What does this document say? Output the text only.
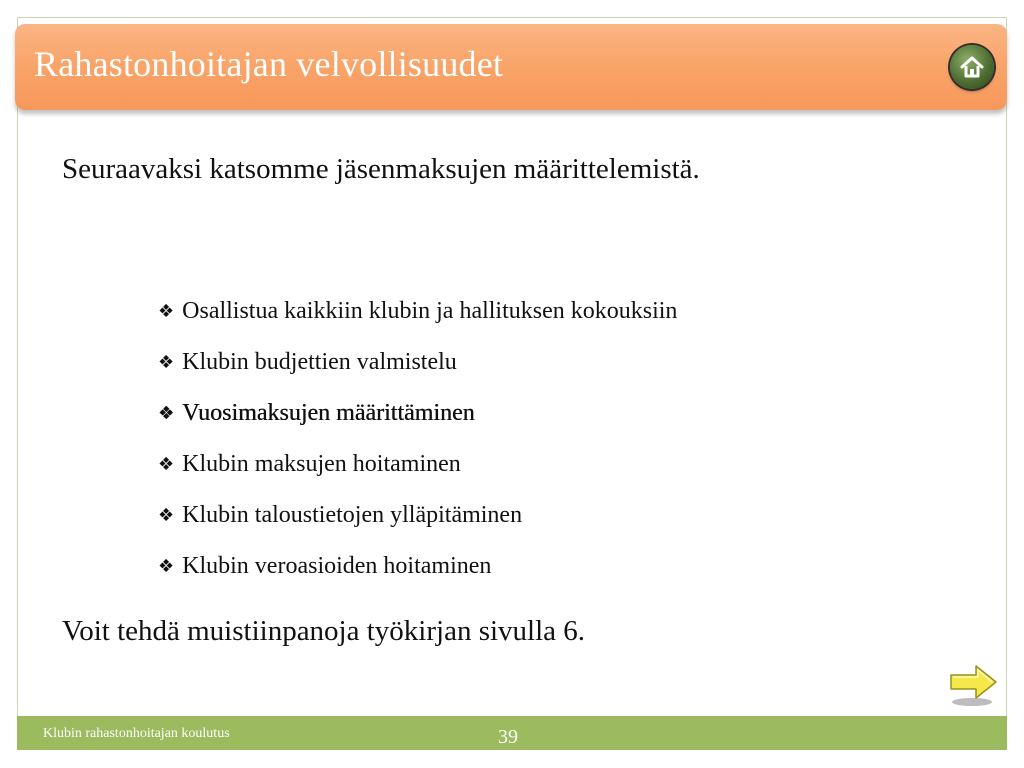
Rahastonhoitajan velvollisuudet
Seuraavaksi katsomme jäsenmaksujen määrittelemistä.
❖ Osallistua kaikkiin klubin ja hallituksen kokouksiin
❖ Klubin budjettien valmistelu
❖ Vuosimaksujen määrittäminen
❖ Klubin maksujen hoitaminen
❖ Klubin taloustietojen ylläpitäminen
❖ Klubin veroasioiden hoitaminen
Voit tehdä muistiinpanoja työkirjan sivulla 6.
Klubin rahastonhoitajan koulutus	39
